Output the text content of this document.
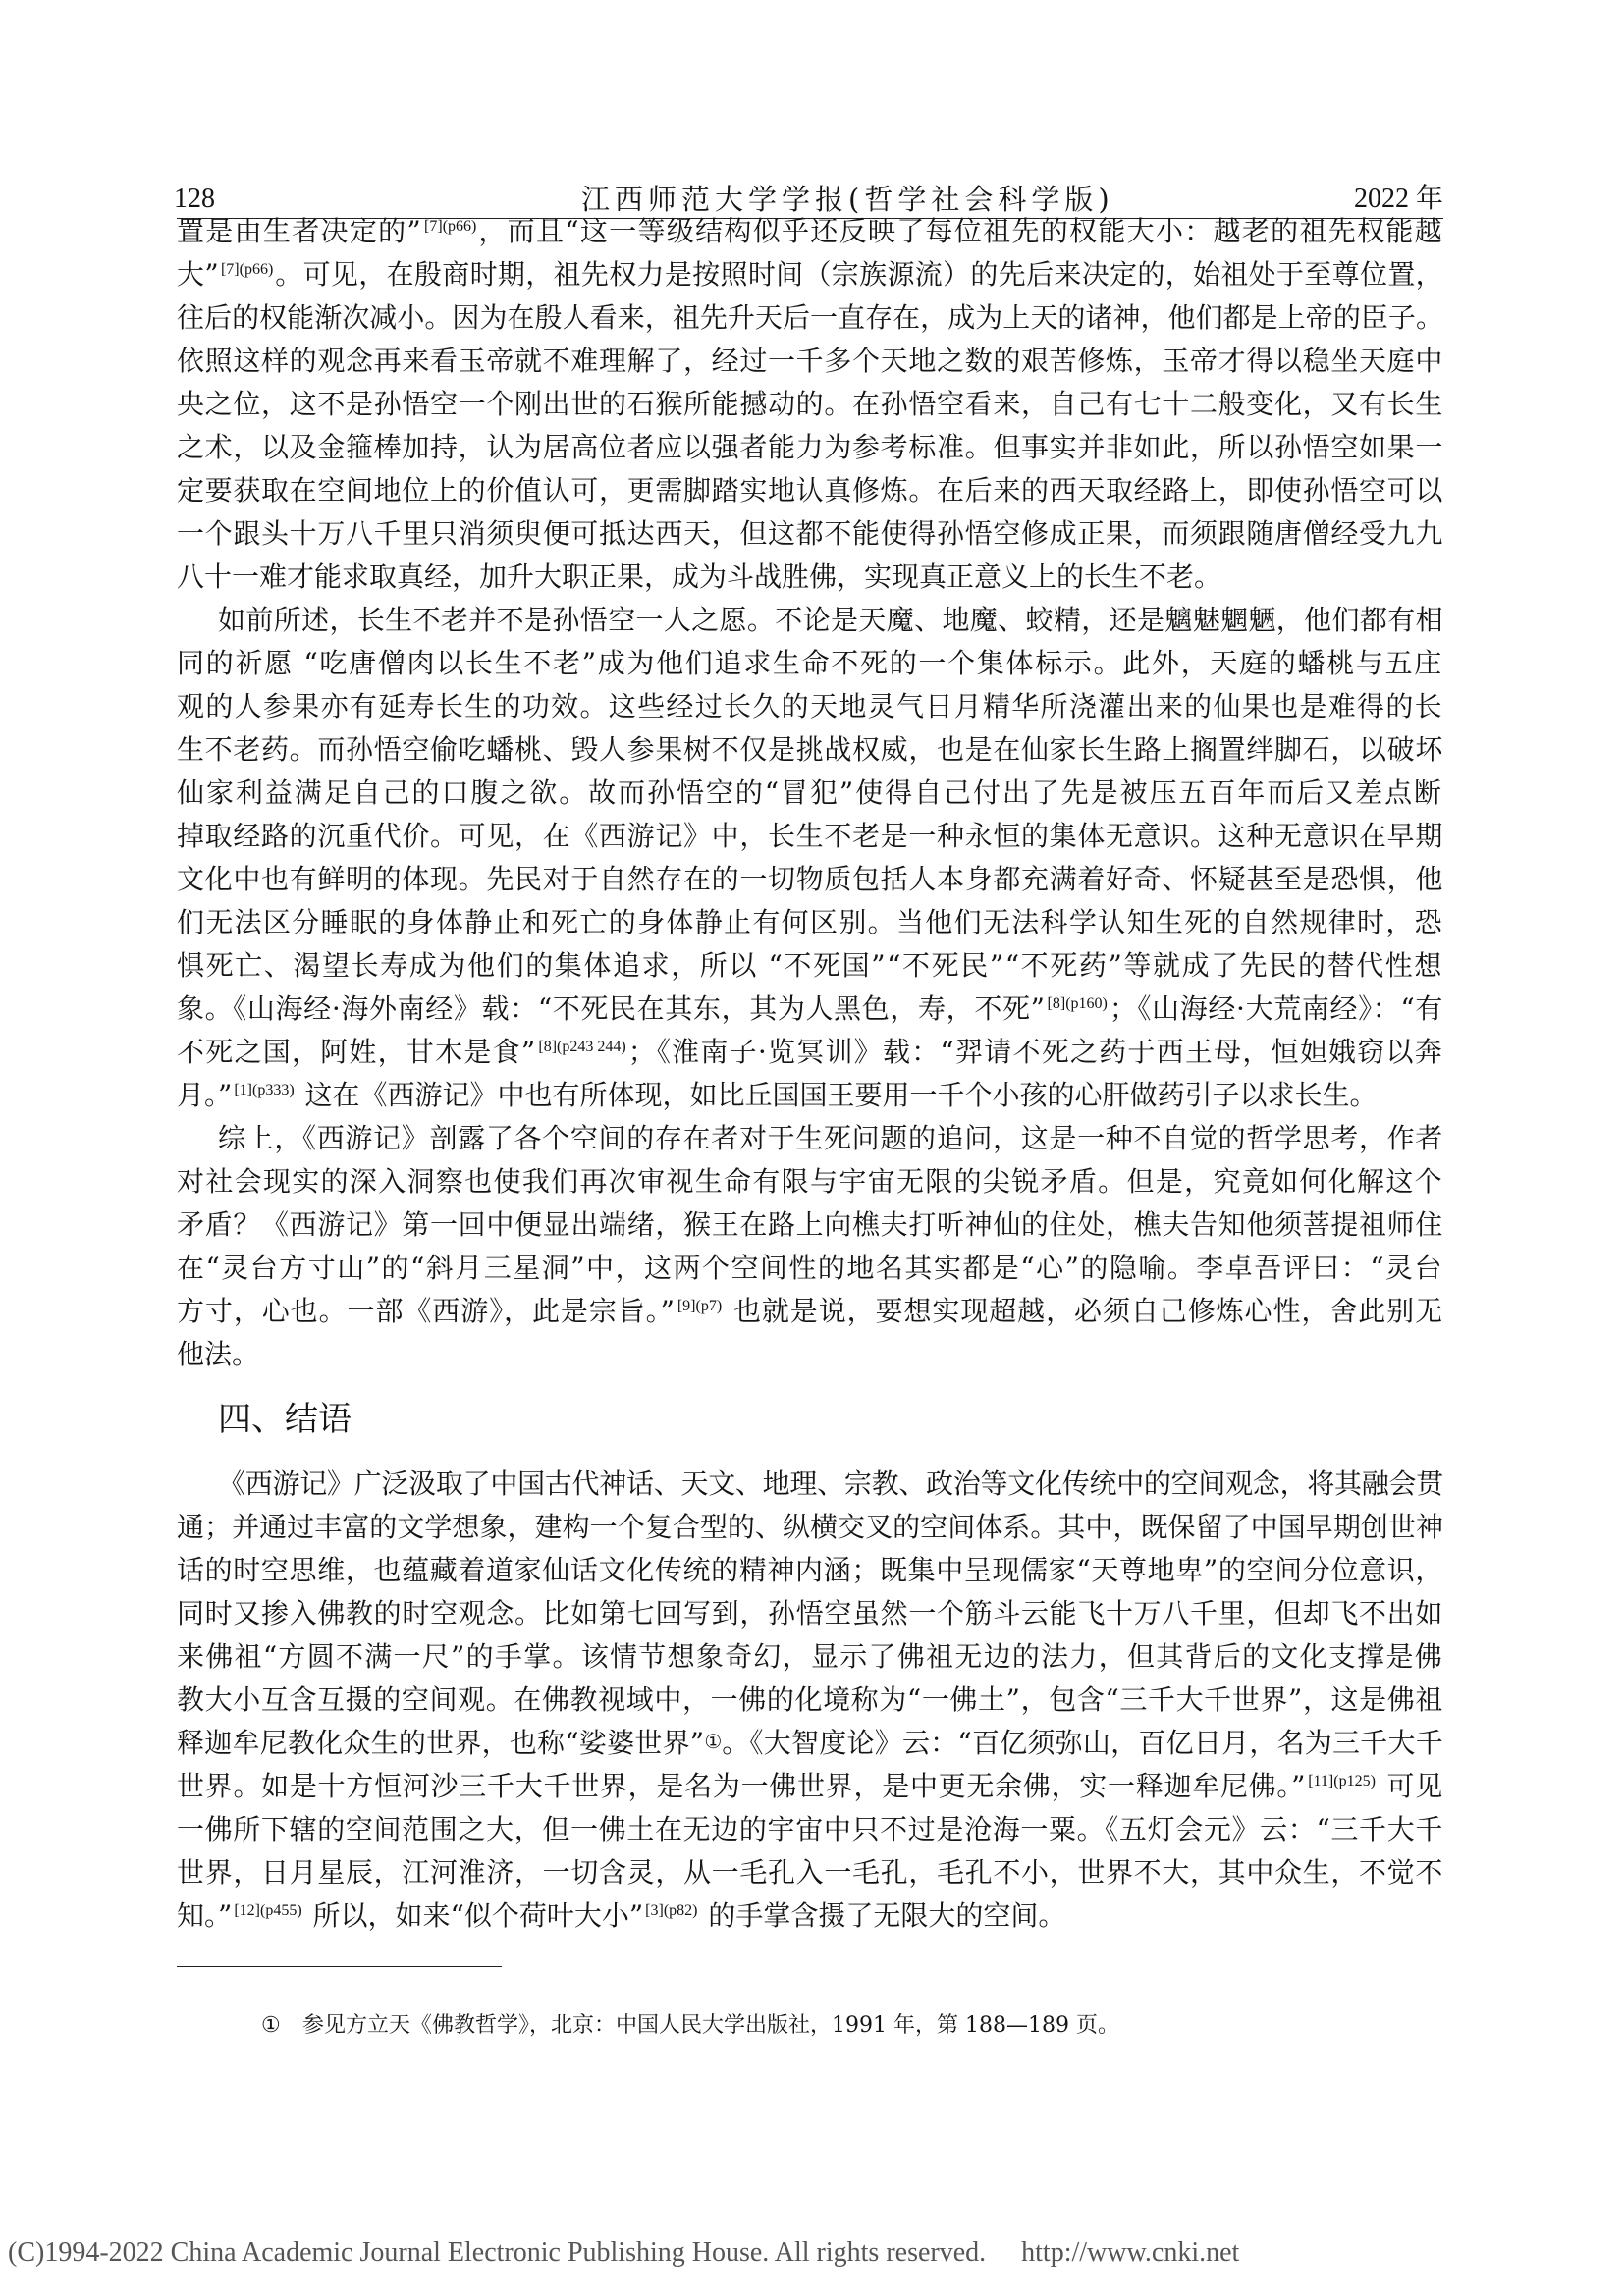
128	江西师范大学学报(哲学社会科学版)	2022 年
置是由生者决定的” $^{[7](p66)}$，而且“这一等级结构似乎还反映了每位祖先的权能大小：越老的祖先权能越
大” $^{[7](p66)}$。可见，在殷商时期，祖先权力是按照时间（宗族源流）的先后来决定的，始祖处于至尊位置，
往后的权能渐次减小。因为在殷人看来，祖先升天后一直存在，成为上天的诸神，他们都是上帝的臣子。
依照这样的观念再来看玉帝就不难理解了，经过一千多个天地之数的艰苦修炼，玉帝才得以稳坐天庭中
央之位，这不是孙悟空一个刚出世的石猴所能撼动的。在孙悟空看来，自己有七十二般变化，又有长生
之术，以及金箍棒加持，认为居高位者应以强者能力为参考标准。但事实并非如此，所以孙悟空如果一
定要获取在空间地位上的价值认可，更需脚踏实地认真修炼。在后来的西天取经路上，即使孙悟空可以
一个跟头十万八千里只消须臾便可抵达西天，但这都不能使得孙悟空修成正果，而须跟随唐僧经受九九
八十一难才能求取真经，加升大职正果，成为斗战胜佛，实现真正意义上的长生不老。
如前所述，长生不老并不是孙悟空一人之愿。不论是天魔、地魔、蛟精，还是魑魅魍魉，他们都有相
同的祈愿 “吃唐僧肉以长生不老”成为他们追求生命不死的一个集体标示。此外，天庭的蟠桃与五庄
观的人参果亦有延寿长生的功效。这些经过长久的天地灵气日月精华所浇灌出来的仙果也是难得的长
生不老药。而孙悟空偷吃蟠桃、毁人参果树不仅是挑战权威，也是在仙家长生路上搁置绊脚石，以破坏
仙家利益满足自己的口腹之欲。故而孙悟空的“冒犯”使得自己付出了先是被压五百年而后又差点断
掉取经路的沉重代价。可见，在《西游记》中，长生不老是一种永恒的集体无意识。这种无意识在早期
文化中也有鲜明的体现。先民对于自然存在的一切物质包括人本身都充满着好奇、怀疑甚至是恐惧，他
们无法区分睡眠的身体静止和死亡的身体静止有何区别。当他们无法科学认知生死的自然规律时，恐
惧死亡、渴望长寿成为他们的集体追求，所以 “不死国”“不死民”“不死药”等就成了先民的替代性想
象。《山海经·海外南经》载：“不死民在其东，其为人黑色，寿，不死” $^{[8](p160)}$；《山海经·大荒南经》：“有
不死之国，阿姓，甘木是食” $^{[8](p243 244)}$；《淮南子·览冥训》载：“羿请不死之药于西王母，恒妲娥窃以奔
月。” $^{[1](p333)}$ 这在《西游记》中也有所体现，如比丘国国王要用一千个小孩的心肝做药引子以求长生。
综上，《西游记》剖露了各个空间的存在者对于生死问题的追问，这是一种不自觉的哲学思考，作者
对社会现实的深入洞察也使我们再次审视生命有限与宇宙无限的尖锐矛盾。但是，究竟如何化解这个
矛盾？《西游记》第一回中便显出端绪，猴王在路上向樵夫打听神仙的住处，樵夫告知他须菩提祖师住
在“灵台方寸山”的“斜月三星洞”中，这两个空间性的地名其实都是“心”的隐喻。李卓吾评曰：“灵台
方寸，心也。一部《西游》，此是宗旨。” $^{[9](p7)}$ 也就是说，要想实现超越，必须自己修炼心性，舍此别无
他法。
四、结语
《西游记》广泛汲取了中国古代神话、天文、地理、宗教、政治等文化传统中的空间观念，将其融会贯
通；并通过丰富的文学想象，建构一个复合型的、纵横交叉的空间体系。其中，既保留了中国早期创世神
话的时空思维，也蕴藏着道家仙话文化传统的精神内涵；既集中呈现儒家“天尊地卑”的空间分位意识，
同时又掺入佛教的时空观念。比如第七回写到，孙悟空虽然一个筋斗云能飞十万八千里，但却飞不出如
来佛祖“方圆不满一尺”的手掌。该情节想象奇幻，显示了佛祖无边的法力，但其背后的文化支撑是佛
教大小互含互摄的空间观。在佛教视域中，一佛的化境称为“一佛土”，包含“三千大千世界”，这是佛祖
释迦牟尼教化众生的世界，也称“娑婆世界”①。《大智度论》云：“百亿须弥山，百亿日月，名为三千大千
世界。如是十方恒河沙三千大千世界，是名为一佛世界，是中更无余佛，实一释迦牟尼佛。” $^{[11](p125)}$ 可见
一佛所下辖的空间范围之大，但一佛土在无边的宇宙中只不过是沧海一粟。《五灯会元》云：“三千大千
世界，日月星辰，江河淮济，一切含灵，从一毛孔入一毛孔，毛孔不小，世界不大，其中众生，不觉不
知。” $^{[12](p455)}$ 所以，如来“似个荷叶大小” $^{[3](p82)}$ 的手掌含摄了无限大的空间。
① 参见方立天《佛教哲学》，北京：中国人民大学出版社，1991 年，第 188—189 页。
(C)1994-2022 China Academic Journal Electronic Publishing House. All rights reserved. http://www.cnki.net
